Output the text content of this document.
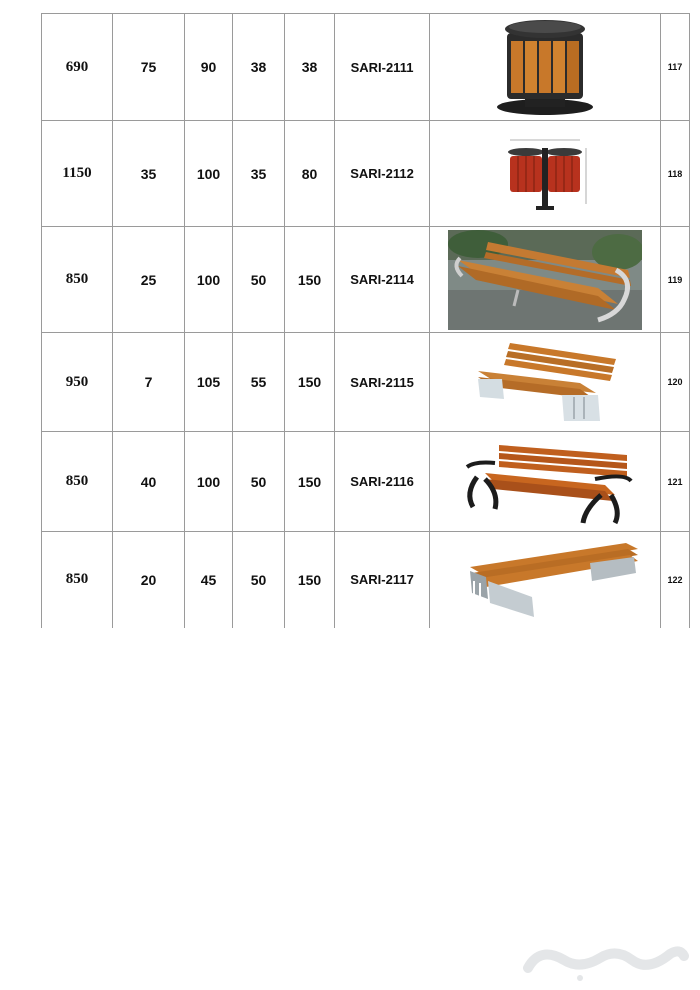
690	75	90	38	38	SARI-2111		117
1150	35	100	35	80	SARI-2112		118
850	25	100	50	150	SARI-2114		119
950	7	105	55	150	SARI-2115		120
850	40	100	50	150	SARI-2116		121
850	20	45	50	150	SARI-2117		122
